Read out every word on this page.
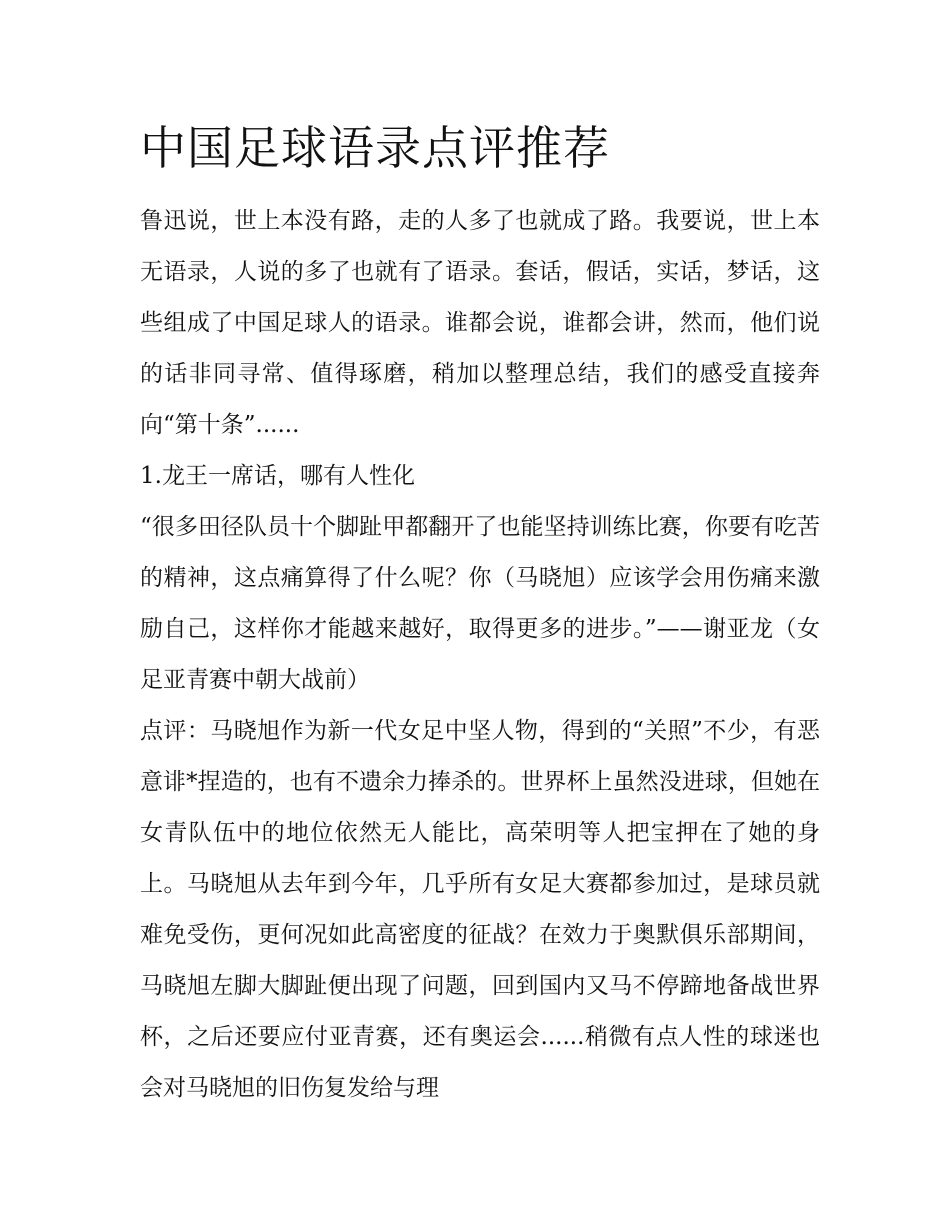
中国足球语录点评推荐

鲁迅说，世上本没有路，走的人多了也就成了路。我要说，世上本无语录，人说的多了也就有了语录。套话，假话，实话，梦话，这些组成了中国足球人的语录。谁都会说，谁都会讲，然而，他们说的话非同寻常、值得琢磨，稍加以整理总结，我们的感受直接奔向“第十条”......

1.龙王一席话，哪有人性化

“很多田径队员十个脚趾甲都翻开了也能坚持训练比赛，你要有吃苦的精神，这点痛算得了什么呢？你（马晓旭）应该学会用伤痛来激励自己，这样你才能越来越好，取得更多的进步。”——谢亚龙（女足亚青赛中朝大战前）

点评：马晓旭作为新一代女足中坚人物，得到的“关照”不少，有恶意诽*捏造的，也有不遗余力捧杀的。世界杯上虽然没进球，但她在女青队伍中的地位依然无人能比，高荣明等人把宝押在了她的身上。马晓旭从去年到今年，几乎所有女足大赛都参加过，是球员就难免受伤，更何况如此高密度的征战？在效力于奥默俱乐部期间，马晓旭左脚大脚趾便出现了问题，回到国内又马不停蹄地备战世界杯，之后还要应付亚青赛，还有奥运会......稍微有点人性的球迷也会对马晓旭的旧伤复发给与理
